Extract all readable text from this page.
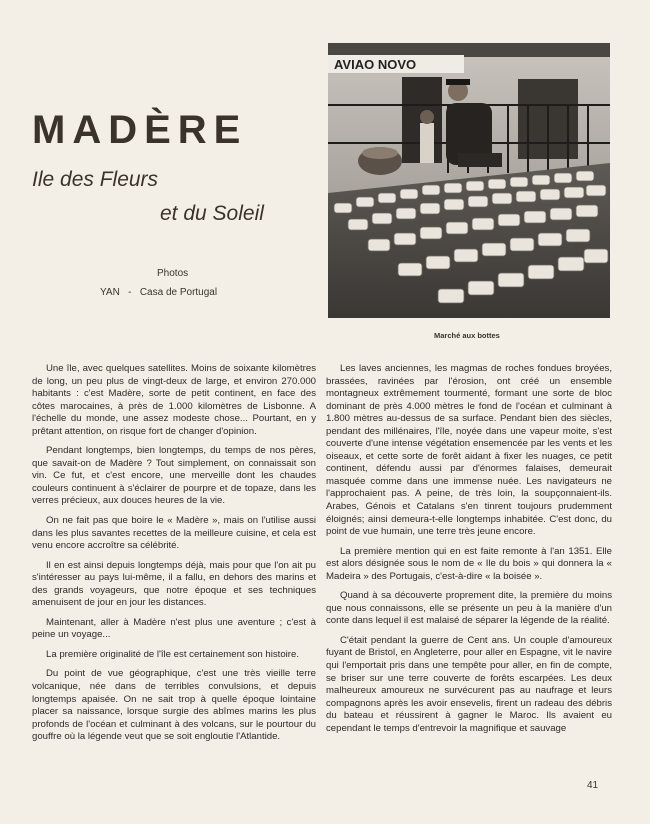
MADÈRE
Ile des Fleurs
et du Soleil
Photos
YAN   -   Casa de Portugal
AVIAO NOVO
Marché aux bottes

Une île, avec quelques satellites. Moins de soixante kilomètres de long, un peu plus de vingt-deux de large, et environ 270.000 habitants : c'est Madère, sorte de petit continent, en face des côtes marocaines, à près de 1.000 kilomètres de Lisbonne. A l'échelle du monde, une assez modeste chose... Pourtant, en y prêtant attention, on risque fort de changer d'opinion.

Pendant longtemps, bien longtemps, du temps de nos pères, que savait-on de Madère ? Tout simplement, on connaissait son vin. Ce fut, et c'est encore, une merveille dont les chaudes couleurs continuent à s'éclairer de pourpre et de topaze, dans les verres précieux, aux douces heures de la vie.

On ne fait pas que boire le « Madère », mais on l'utilise aussi dans les plus savantes recettes de la meilleure cuisine, et cela est venu encore accroître sa célébrité.

Il en est ainsi depuis longtemps déjà, mais pour que l'on ait pu s'intéresser au pays lui-même, il a fallu, en dehors des marins et des grands voyageurs, que notre époque et ses techniques amenuisent de jour en jour les distances.

Maintenant, aller à Madère n'est plus une aventure ; c'est à peine un voyage...

La première originalité de l'île est certainement son histoire.

Du point de vue géographique, c'est une très vieille terre volcanique, née dans de terribles convulsions, et depuis longtemps apaisée. On ne sait trop à quelle époque lointaine placer sa naissance, lorsque surgie des abîmes marins les plus profonds de l'océan et culminant à des volcans, sur le pourtour du gouffre où la légende veut que se soit engloutie l'Atlantide.

Les laves anciennes, les magmas de roches fondues broyées, brassées, ravinées par l'érosion, ont créé un ensemble montagneux extrêmement tourmenté, formant une sorte de bloc dominant de près 4.000 mètres le fond de l'océan et culminant à 1.800 mètres au-dessus de sa surface. Pendant bien des siècles, pendant des millénaires, l'île, noyée dans une vapeur moite, s'est couverte d'une intense végétation ensemencée par les vents et les oiseaux, et cette sorte de forêt aidant à fixer les nuages, ce petit continent, défendu aussi par d'énormes falaises, demeurait masquée comme dans une immense nuée. Les navigateurs ne l'approchaient pas. A peine, de très loin, la soupçonnaient-ils. Arabes, Génois et Catalans s'en tinrent toujours prudemment éloignés; ainsi demeura-t-elle longtemps inhabitée. C'est donc, du point de vue humain, une terre très jeune encore.

La première mention qui en est faite remonte à l'an 1351. Elle est alors désignée sous le nom de « Ile du bois » qui donnera la « Madeira » des Portugais, c'est-à-dire « la boisée ».

Quand à sa découverte proprement dite, la première du moins que nous connaissons, elle se présente un peu à la manière d'un conte dans lequel il est malaisé de séparer la légende de la réalité.

C'était pendant la guerre de Cent ans. Un couple d'amoureux fuyant de Bristol, en Angleterre, pour aller en Espagne, vit le navire qui l'emportait pris dans une tempête pour aller, en fin de compte, se briser sur une terre couverte de forêts escarpées. Les deux malheureux amoureux ne survécurent pas au naufrage et leurs compagnons après les avoir ensevelis, firent un radeau des débris du bateau et réussirent à gagner le Maroc. Ils avaient eu cependant le temps d'entrevoir la magnifique et sauvage

41
